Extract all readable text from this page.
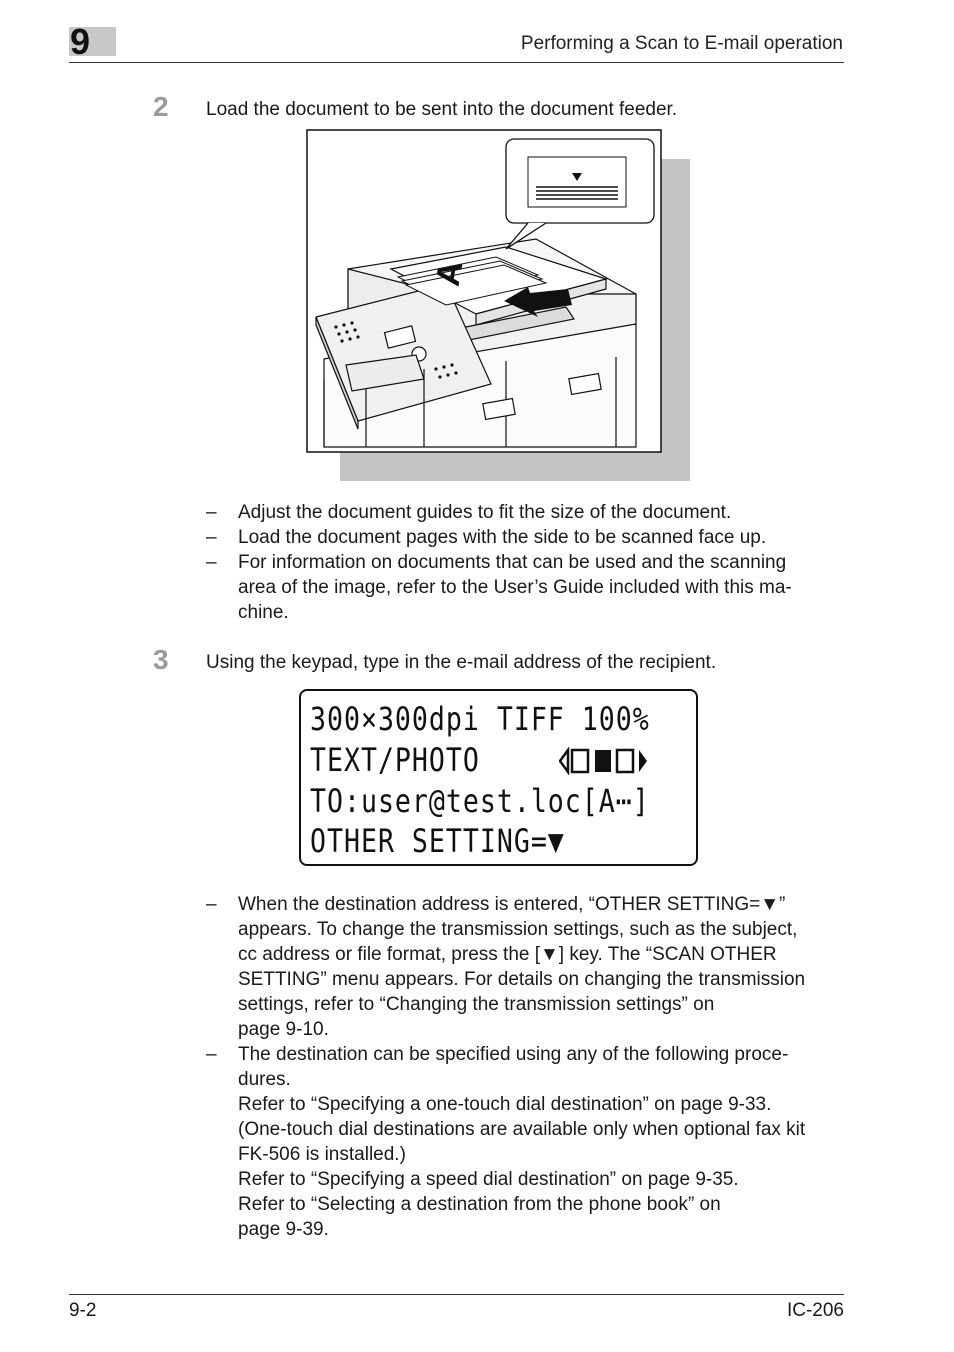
9	Performing a Scan to E-mail operation
2 Load the document to be sent into the document feeder.
A
– Adjust the document guides to fit the size of the document.
– Load the document pages with the side to be scanned face up.
– For information on documents that can be used and the scanning
area of the image, refer to the User’s Guide included with this ma-
chine.
3 Using the keypad, type in the e-mail address of the recipient.
300×300dpi TIFF 100%
TEXT/PHOTO
TO:user@test.loc[A⋯]
OTHER SETTING=▼
– When the destination address is entered, “OTHER SETTING=▼”
appears. To change the transmission settings, such as the subject,
cc address or file format, press the [▼] key. The “SCAN OTHER
SETTING” menu appears. For details on changing the transmission
settings, refer to “Changing the transmission settings” on
page 9-10.
– The destination can be specified using any of the following proce-
dures.
Refer to “Specifying a one-touch dial destination” on page 9-33.
(One-touch dial destinations are available only when optional fax kit
FK-506 is installed.)
Refer to “Specifying a speed dial destination” on page 9-35.
Refer to “Selecting a destination from the phone book” on
page 9-39.
9-2	IC-206
